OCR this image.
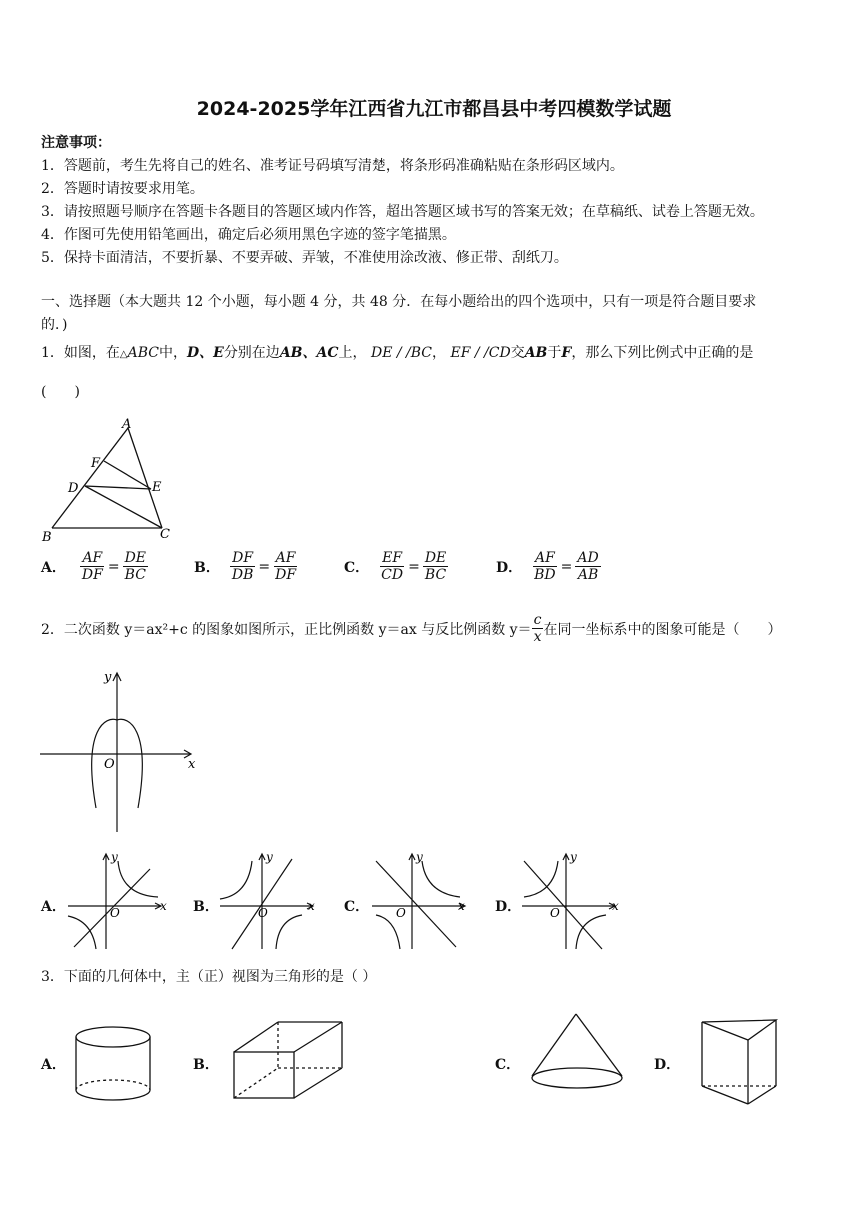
2024-2025学年江西省九江市都昌县中考四模数学试题
注意事项：
1．答题前，考生先将自己的姓名、准考证号码填写清楚，将条形码准确粘贴在条形码区域内。
2．答题时请按要求用笔。
3．请按照题号顺序在答题卡各题目的答题区域内作答，超出答题区域书写的答案无效；在草稿纸、试卷上答题无效。
4．作图可先使用铅笔画出，确定后必须用黑色字迹的签字笔描黑。
5．保持卡面清洁，不要折暴、不要弄破、弄皱，不准使用涂改液、修正带、刮纸刀。
一、选择题（本大题共 12 个小题，每小题 4 分，共 48 分．在每小题给出的四个选项中，只有一项是符合题目要求
的．)
1．如图，在△ABC中，D、E分别在边AB、AC上， DE / /BC， EF / /CD交AB于F，那么下列比例式中正确的是
(　　)
A
B	C
D	E
F
A． $\frac{AF}{DF} = \frac{DE}{BC}$	B． $\frac{DF}{DB} = \frac{AF}{DF}$	C． $\frac{EF}{CD} = \frac{DE}{BC}$	D． $\frac{AF}{BD} = \frac{AD}{AB}$
2．二次函数 y＝ax²+c 的图象如图所示，正比例函数 y＝ax 与反比例函数 $y= \frac{c}{x}$ 在同一坐标系中的图象可能是（　　）
x
y
O
A．	x
y
O	B．	x
y
O	C．	x
y
O	D．	x
y
O
3．下面的几何体中，主（正）视图为三角形的是（ ）
A．	B．	C．	D．
